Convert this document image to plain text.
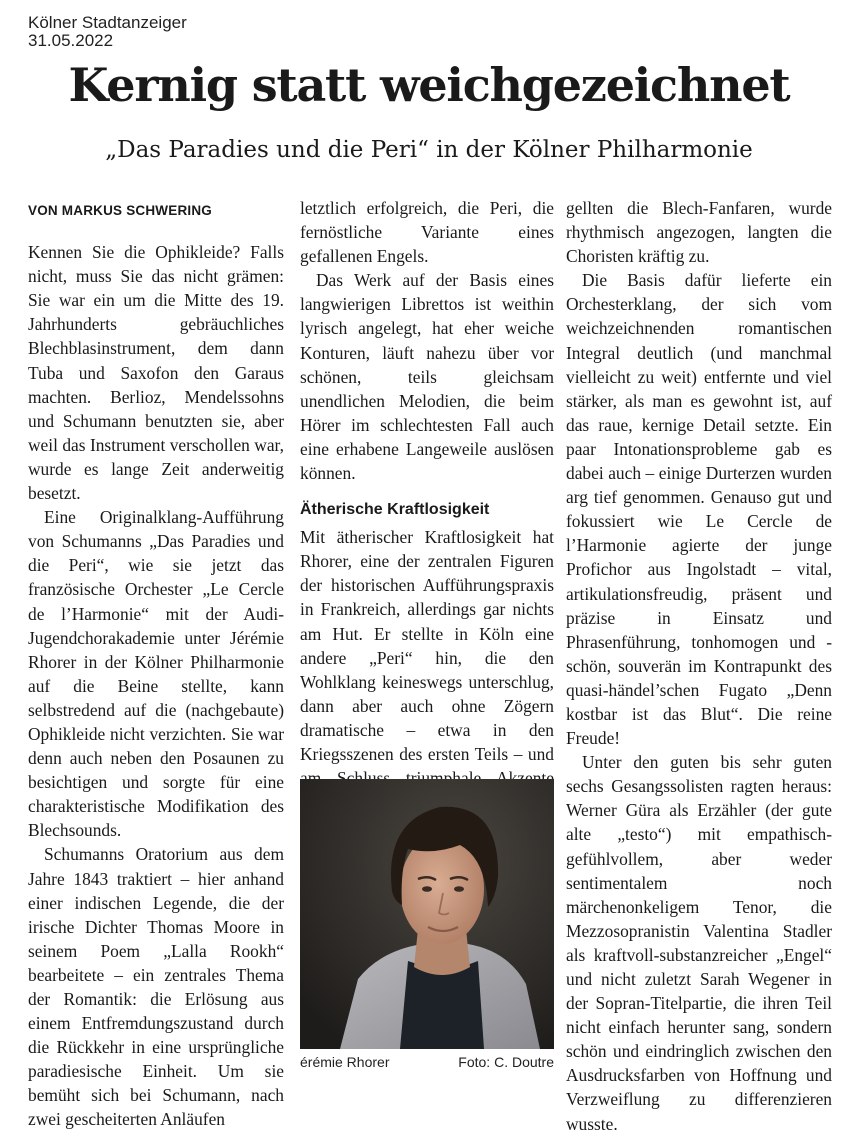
Kölner Stadtanzeiger
31.05.2022
Kernig statt weichgezeichnet
„Das Paradies und die Peri“ in der Kölner Philharmonie

VON MARKUS SCHWERING

Kennen Sie die Ophikleide? Falls nicht, muss Sie das nicht grämen: Sie war ein um die Mitte des 19. Jahrhunderts gebräuchliches Blechblasinstrument, dem dann Tuba und Saxofon den Garaus machten. Berlioz, Mendelssohns und Schumann benutzten sie, aber weil das Instrument verschollen war, wurde es lange Zeit anderweitig besetzt.

Eine Originalklang-Aufführung von Schumanns „Das Paradies und die Peri“, wie sie jetzt das französische Orchester „Le Cercle de l’Harmonie“ mit der Audi-Jugendchorakademie unter Jérémie Rhorer in der Kölner Philharmonie auf die Beine stellte, kann selbstredend auf die (nachgebaute) Ophikleide nicht verzichten. Sie war denn auch neben den Posaunen zu besichtigen und sorgte für eine charakteristische Modifikation des Blechsounds.

Schumanns Oratorium aus dem Jahre 1843 traktiert – hier anhand einer indischen Legende, die der irische Dichter Thomas Moore in seinem Poem „Lalla Rookh“ bearbeitete – ein zentrales Thema der Romantik: die Erlösung aus einem Entfremdungszustand durch die Rückkehr in eine ursprüngliche paradiesische Einheit. Um sie bemüht sich bei Schumann, nach zwei gescheiterten Anläufen

letztlich erfolgreich, die Peri, die fernöstliche Variante eines gefallenen Engels.

Das Werk auf der Basis eines langwierigen Librettos ist weithin lyrisch angelegt, hat eher weiche Konturen, läuft nahezu über vor schönen, teils gleichsam unendlichen Melodien, die beim Hörer im schlechtesten Fall auch eine erhabene Langeweile auslösen können.

Ätherische Kraftlosigkeit

Mit ätherischer Kraftlosigkeit hat Rhorer, eine der zentralen Figuren der historischen Aufführungspraxis in Frankreich, allerdings gar nichts am Hut. Er stellte in Köln eine andere „Peri“ hin, die den Wohlklang keineswegs unterschlug, dann aber auch ohne Zögern dramatische – etwa in den Kriegsszenen des ersten Teils – und

gellten die Blech-Fanfaren, wurde rhythmisch angezogen, langten die Choristen kräftig zu.

Die Basis dafür lieferte ein Orchesterklang, der sich vom weichzeichnenden romantischen Integral deutlich (und manchmal vielleicht zu weit) entfernte und viel stärker, als man es gewohnt ist, auf das raue, kernige Detail setzte. Ein paar Intonationsprobleme gab es dabei auch – einige Durterzen wurden arg tief genommen. Genauso gut und fokussiert wie Le Cercle de l’Harmonie agierte der junge Profichor aus Ingolstadt – vital, artikulationsfreudig, präsent und präzise in Einsatz und Phrasenführung, tonhomogen und -schön, souverän im Kontrapunkt des quasi-händel’schen Fugato „Denn kostbar ist das Blut“. Die reine Freude!

Unter den guten bis sehr guten sechs Gesangssolisten ragten heraus: Werner Güra als Erzähler (der gute alte „testo“) mit empathisch-gefühlvollem, aber weder sentimentalem noch märchenonkeligem Tenor, die Mezzosopranistin Valentina Stadler als kraftvoll-substanzreicher „Engel“ und nicht zuletzt Sarah Wegener in der Sopran-Titelpartie, die ihren Teil nicht einfach herunter sang, sondern schön und eindringlich zwischen den Ausdrucksfarben von Hoffnung und Verzweiflung zu differenzieren wusste.

érémie Rhorer	Foto: C. Doutre
